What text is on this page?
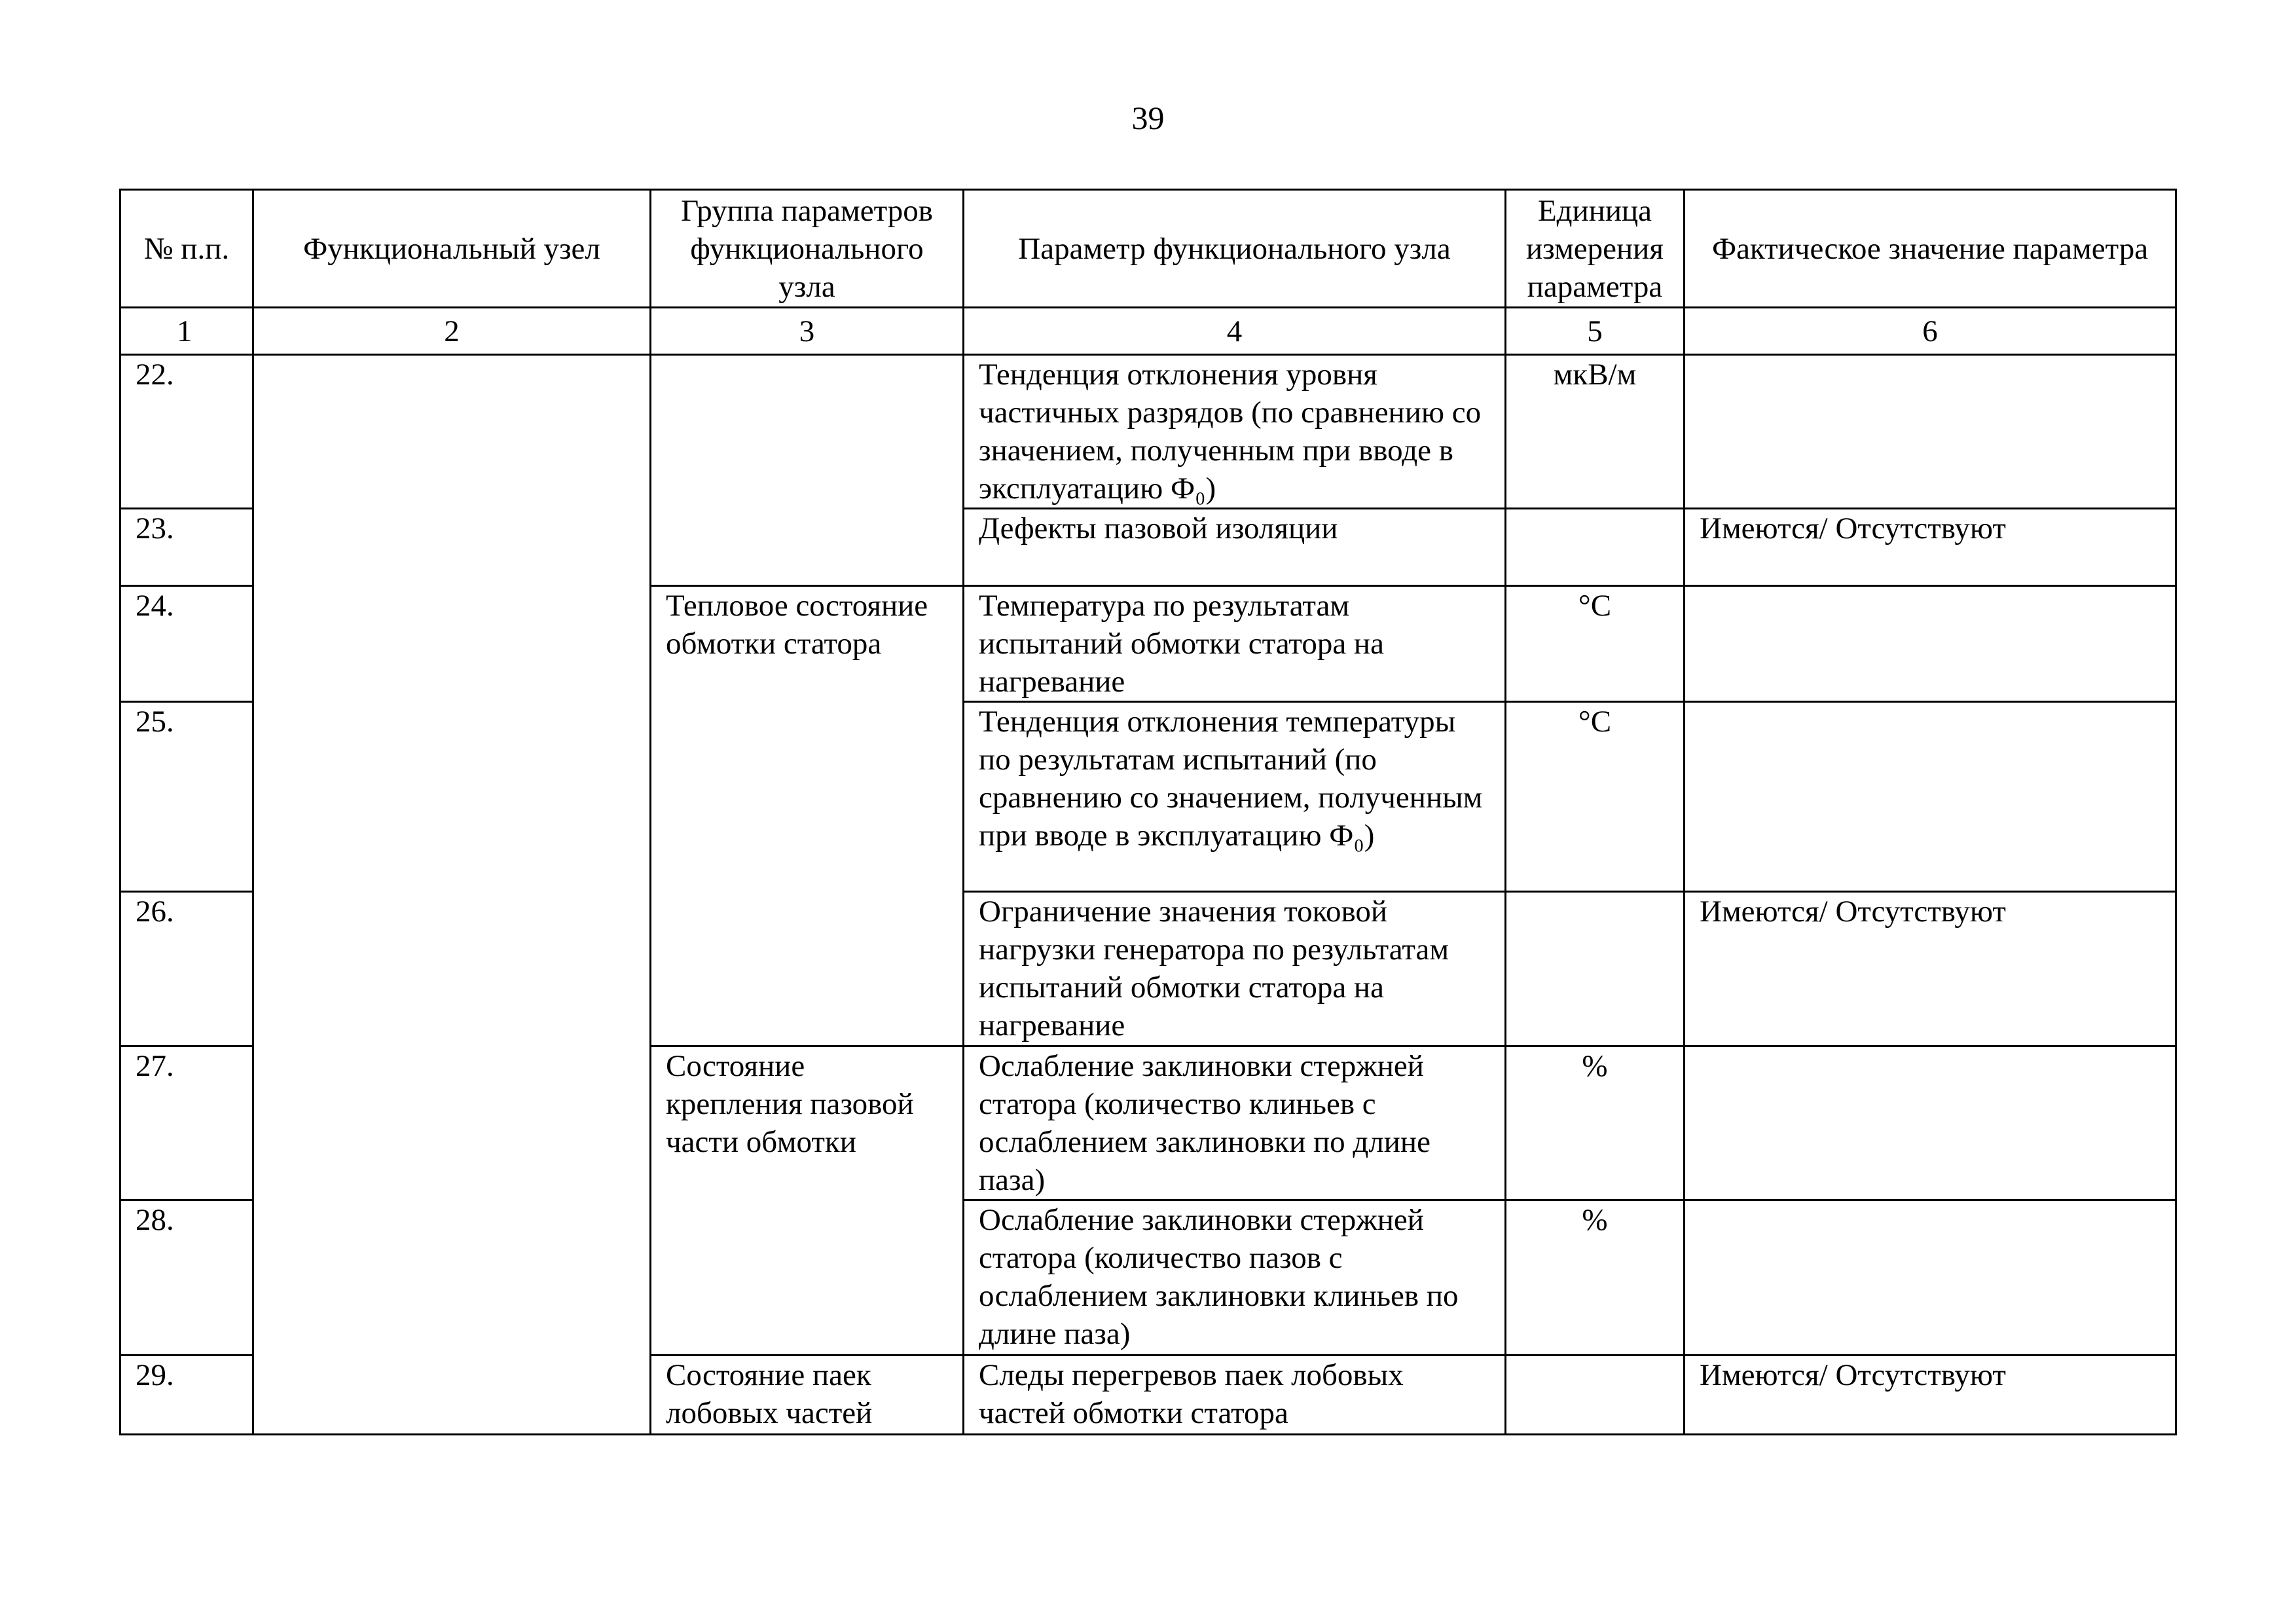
39
№ п.п.	Функциональный узел	Группа параметров функционального узла	Параметр функционального узла	Единица измерения параметра	Фактическое значение параметра
1	2	3	4	5	6
22.			Тенденция отклонения уровня частичных разрядов (по сравнению со значением, полученным при вводе в эксплуатацию Ф₀)	мкВ/м	
23.			Дефекты пазовой изоляции		Имеются/ Отсутствуют
24.		Тепловое состояние обмотки статора	Температура по результатам испытаний обмотки статора на нагревание	°С	
25.			Тенденция отклонения температуры по результатам испытаний (по сравнению со значением, полученным при вводе в эксплуатацию Ф₀)	°С	
26.			Ограничение значения токовой нагрузки генератора по результатам испытаний обмотки статора на нагревание		Имеются/ Отсутствуют
27.		Состояние крепления пазовой части обмотки	Ослабление заклиновки стержней статора (количество клиньев с ослаблением заклиновки по длине паза)	%	
28.			Ослабление заклиновки стержней статора (количество пазов с ослаблением заклиновки клиньев по длине паза)	%	
29.		Состояние паек лобовых частей	Следы перегревов паек лобовых частей обмотки статора		Имеются/ Отсутствуют
